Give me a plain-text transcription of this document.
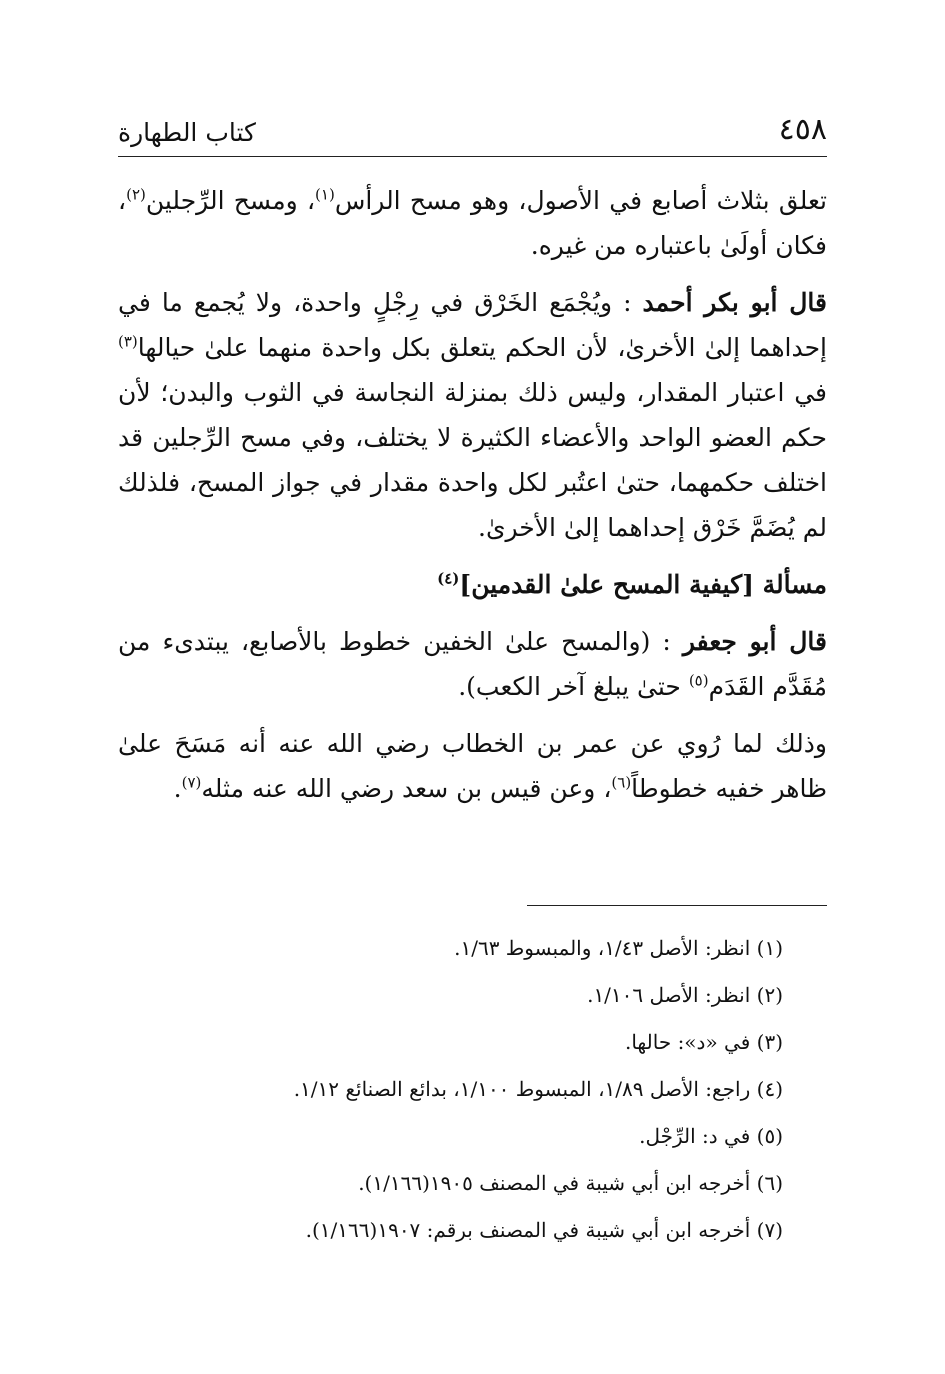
٤٥٨
كتاب الطهارة

تعلق بثلاث أصابع في الأصول، وهو مسح الرأس$^{(١)}$، ومسح الرِّجلين$^{(٢)}$، فكان أولَىٰ باعتباره من غيره.

قال أبو بكر أحمد : ويُجْمَع الخَرْق في رِجْلٍ واحدة، ولا يُجمع ما في إحداهما إلىٰ الأخرىٰ، لأن الحكم يتعلق بكل واحدة منهما علىٰ حيالها$^{(٣)}$ في اعتبار المقدار، وليس ذلك بمنزلة النجاسة في الثوب والبدن؛ لأن حكم العضو الواحد والأعضاء الكثيرة لا يختلف، وفي مسح الرِّجلين قد اختلف حكمهما، حتىٰ اعتُبر لكل واحدة مقدار في جواز المسح، فلذلك لم يُضَمَّ خَرْق إحداهما إلىٰ الأخرىٰ.

مسألة [كيفية المسح علىٰ القدمين]$^{(٤)}$

قال أبو جعفر : (والمسح علىٰ الخفين خطوط بالأصابع، يبتدىء من مُقَدَّم القَدَم$^{(٥)}$ حتىٰ يبلغ آخر الكعب).

وذلك لما رُوي عن عمر بن الخطاب رضي الله عنه أنه مَسَحَ علىٰ ظاهر خفيه خطوطاً$^{(٦)}$، وعن قيس بن سعد رضي الله عنه مثله$^{(٧)}$.

(١) انظر: الأصل ١/٤٣، والمبسوط ١/٦٣.
(٢) انظر: الأصل ١/١٠٦.
(٣) في «د»: حالها.
(٤) راجع: الأصل ١/٨٩، المبسوط ١/١٠٠، بدائع الصنائع ١/١٢.
(٥) في د: الرِّجْل.
(٦) أخرجه ابن أبي شيبة في المصنف ١٩٠٥(١/١٦٦).
(٧) أخرجه ابن أبي شيبة في المصنف برقم: ١٩٠٧(١/١٦٦).
